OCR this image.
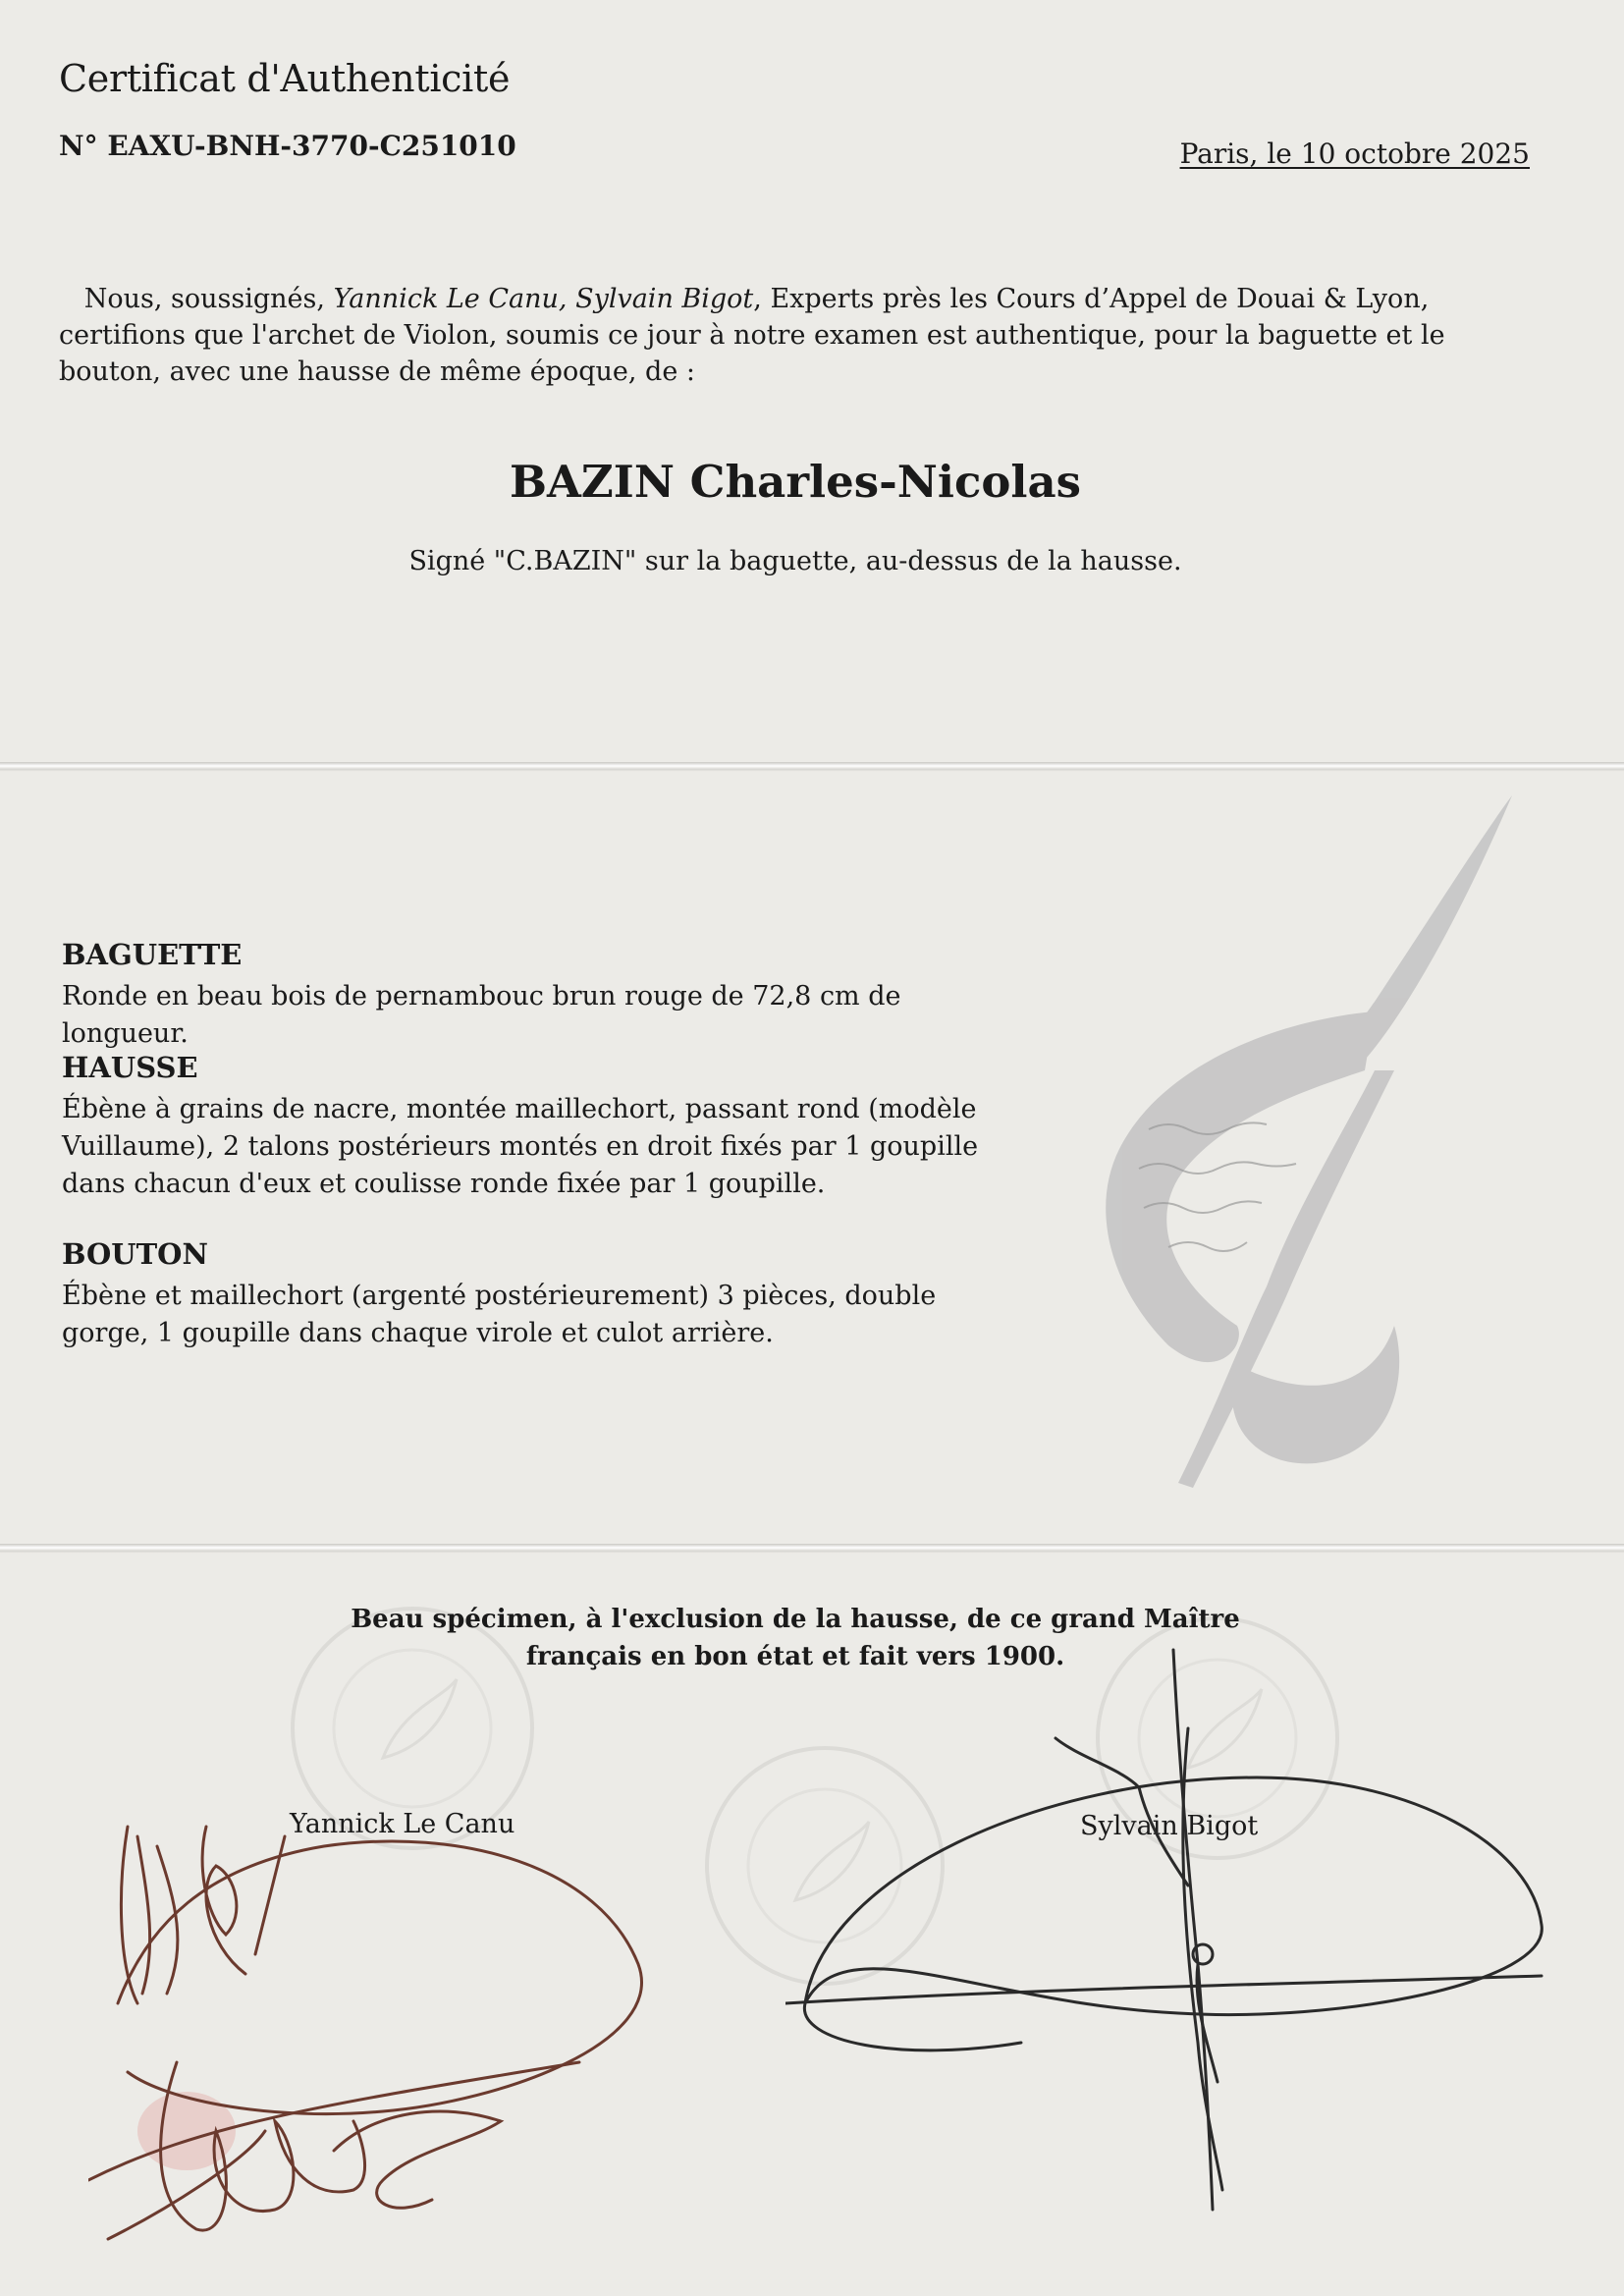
Certificat d'Authenticité
N° EAXU-BNH-3770-C251010	Paris, le 10 octobre 2025
Nous, soussignés, Yannick Le Canu, Sylvain Bigot, Experts près les Cours d’Appel de Douai & Lyon, certifions que l'archet de Violon, soumis ce jour à notre examen est authentique, pour la baguette et le bouton, avec une hausse de même époque, de :
BAZIN Charles-Nicolas
Signé "C.BAZIN" sur la baguette, au-dessus de la hausse.
BAGUETTE
Ronde en beau bois de pernambouc brun rouge de 72,8 cm de longueur.
HAUSSE
Ébène à grains de nacre, montée maillechort, passant rond (modèle Vuillaume), 2 talons postérieurs montés en droit fixés par 1 goupille dans chacun d'eux et coulisse ronde fixée par 1 goupille.
BOUTON
Ébène et maillechort (argenté postérieurement) 3 pièces, double gorge, 1 goupille dans chaque virole et culot arrière.
Beau spécimen, à l'exclusion de la hausse, de ce grand Maître
français en bon état et fait vers 1900.
Yannick Le Canu	Sylvain Bigot
